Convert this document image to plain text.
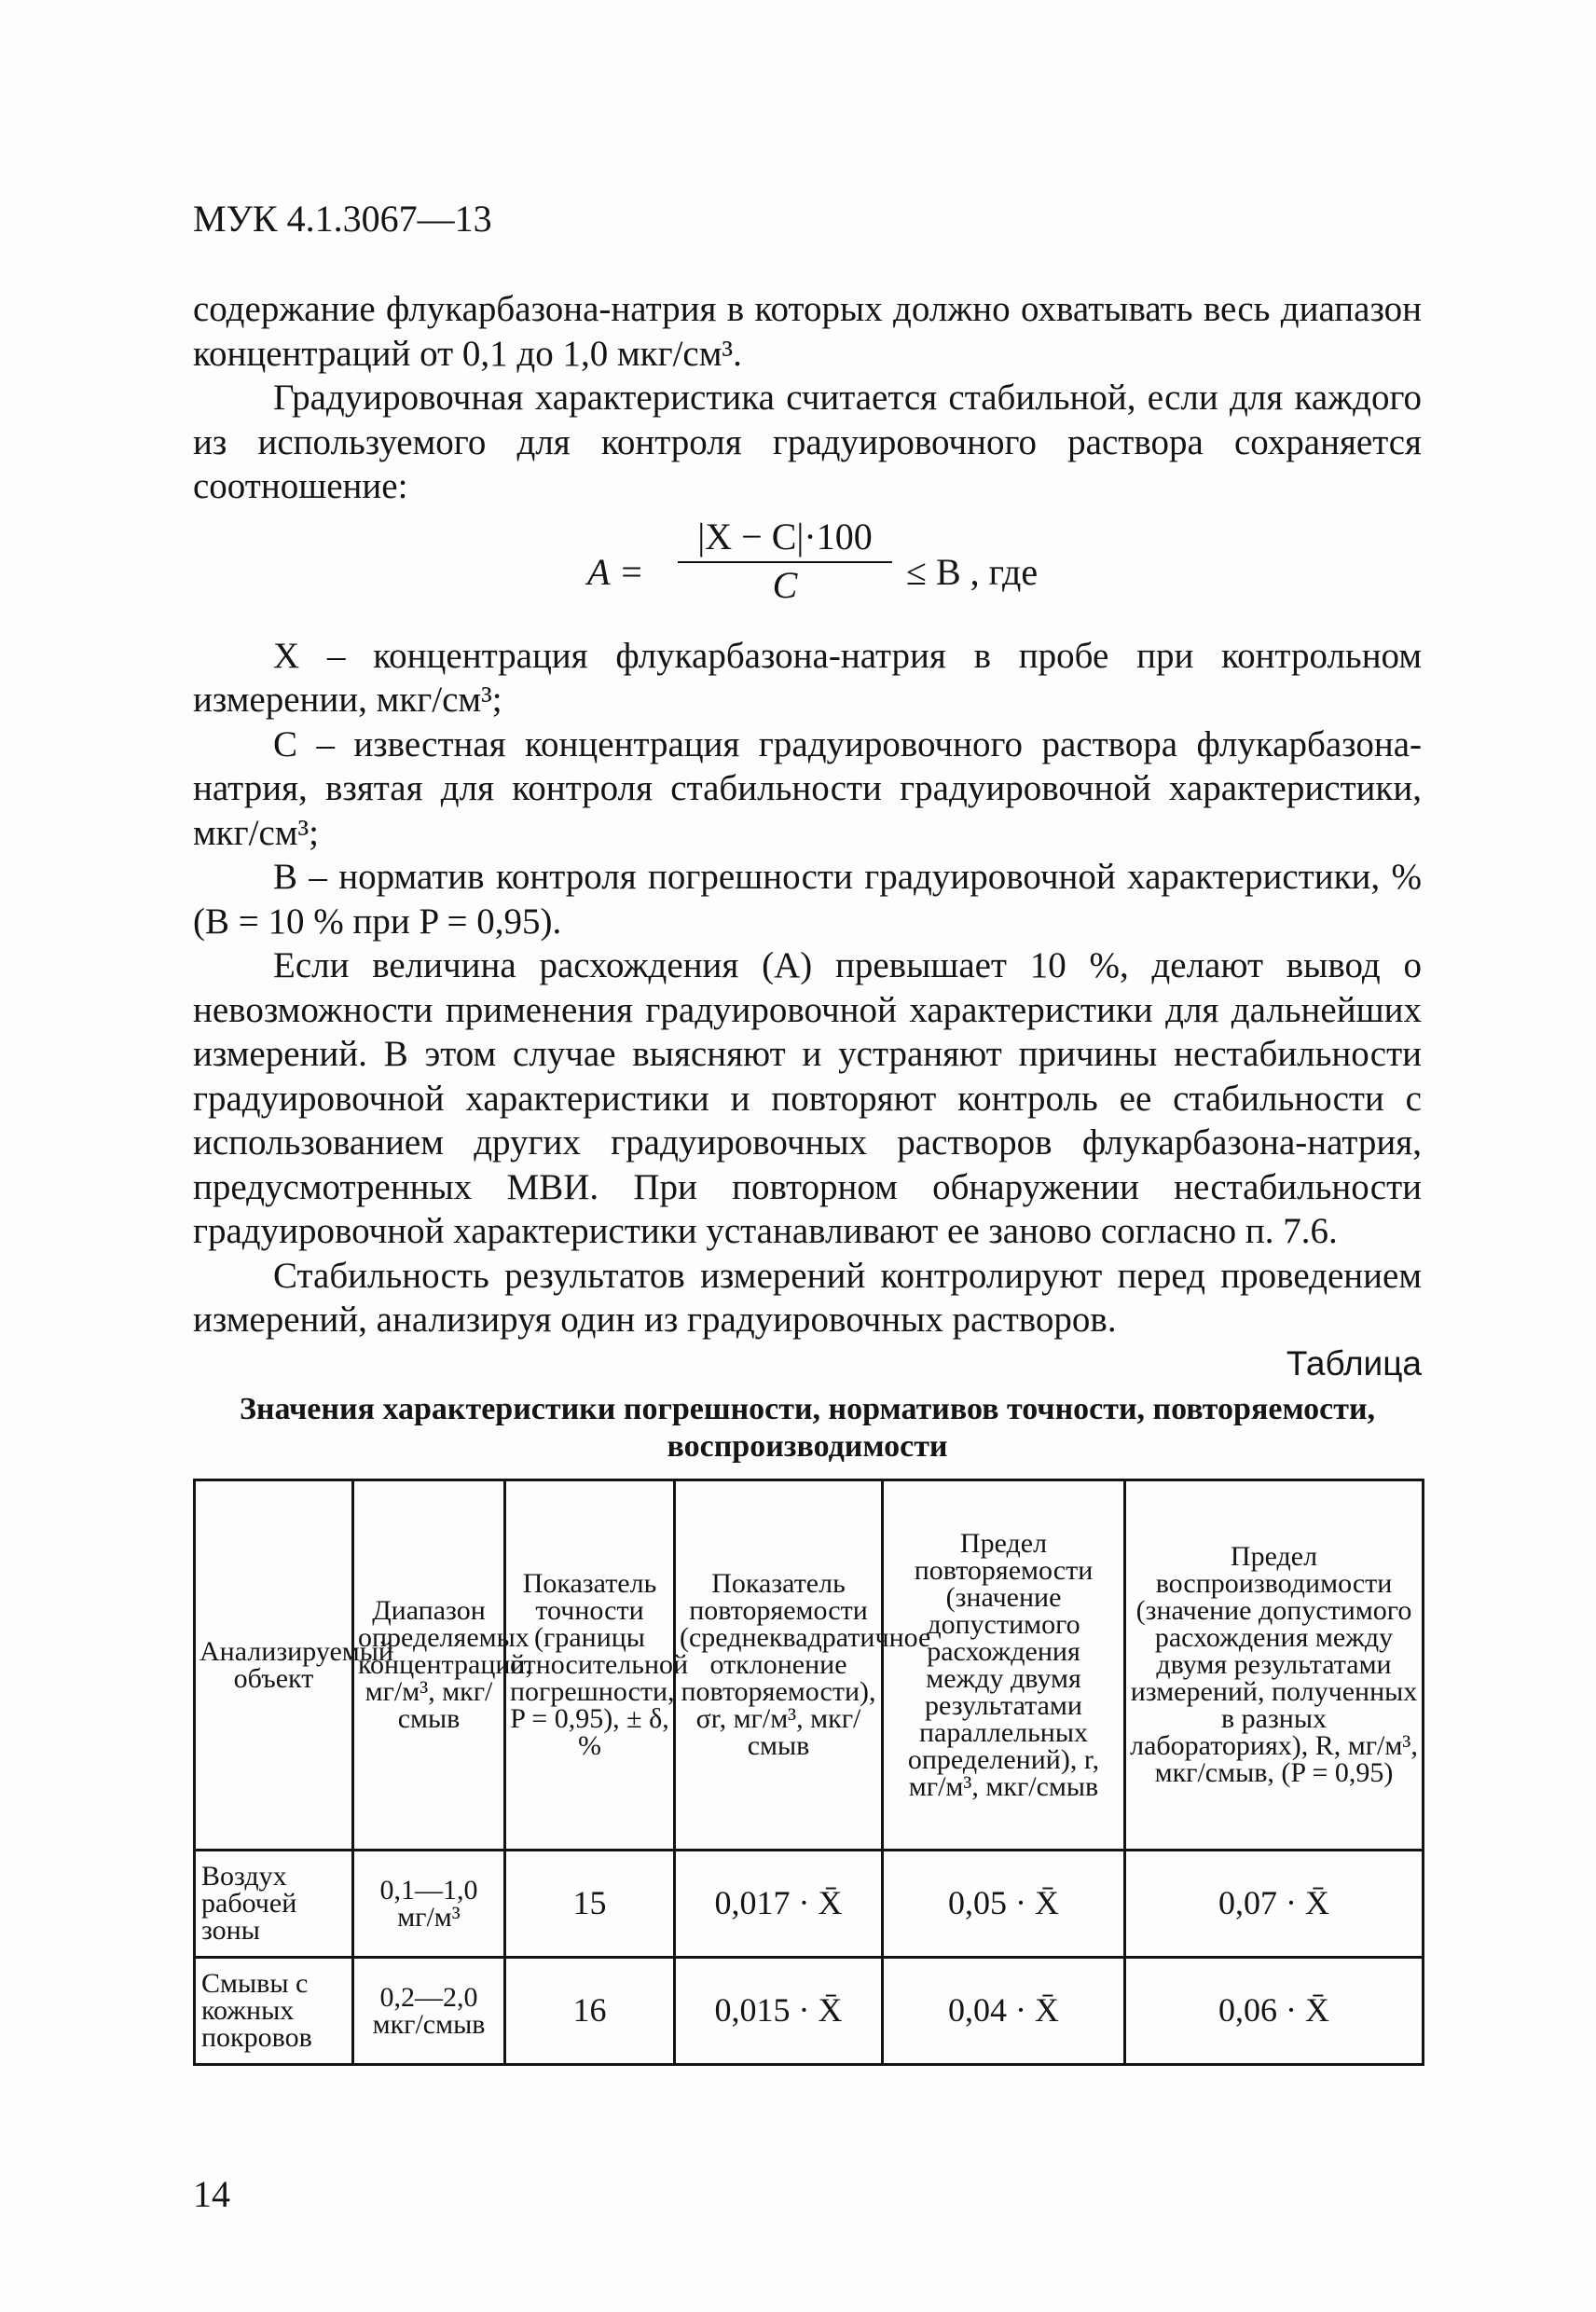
МУК 4.1.3067—13

содержание флукарбазона-натрия в которых должно охватывать весь диапазон концентраций от 0,1 до 1,0 мкг/см³.

Градуировочная характеристика считается стабильной, если для каждого из используемого для контроля градуировочного раствора сохраняется соотношение:

$A = \frac{|X - C|\cdot 100}{C} \le B$ , где

X – концентрация флукарбазона-натрия в пробе при контрольном измерении, мкг/см³;

C – известная концентрация градуировочного раствора флукарбазона-натрия, взятая для контроля стабильности градуировочной характеристики, мкг/см³;

B – норматив контроля погрешности градуировочной характеристики, % (B = 10 % при P = 0,95).

Если величина расхождения (A) превышает 10 %, делают вывод о невозможности применения градуировочной характеристики для дальнейших измерений. В этом случае выясняют и устраняют причины нестабильности градуировочной характеристики и повторяют контроль ее стабильности с использованием других градуировочных растворов флукарбазона-натрия, предусмотренных МВИ. При повторном обнаружении нестабильности градуировочной характеристики устанавливают ее заново согласно п. 7.6.

Стабильность результатов измерений контролируют перед проведением измерений, анализируя один из градуировочных растворов.

Таблица

Значения характеристики погрешности, нормативов точности, повторяемости, воспроизводимости
Анализируемый объект	Диапазон определяемых концентраций, мг/м³, мкг/смыв	Показатель точности (границы относительной погрешности, P = 0,95), ± δ, %	Показатель повторяемости (среднеквадратичное отклонение повторяемости), σr, мг/м³, мкг/смыв	Предел повторяемости (значение допустимого расхождения между двумя результатами параллельных определений), r, мг/м³, мкг/смыв	Предел воспроизводимости (значение допустимого расхождения между двумя результатами измерений, полученных в разных лабораториях), R, мг/м³, мкг/смыв, (P = 0,95)
Воздух рабочей зоны	0,1—1,0 мг/м³	15	0,017 · X̄	0,05 · X̄	0,07 · X̄
Смывы с кожных покровов	0,2—2,0 мкг/смыв	16	0,015 · X̄	0,04 · X̄	0,06 · X̄
14
